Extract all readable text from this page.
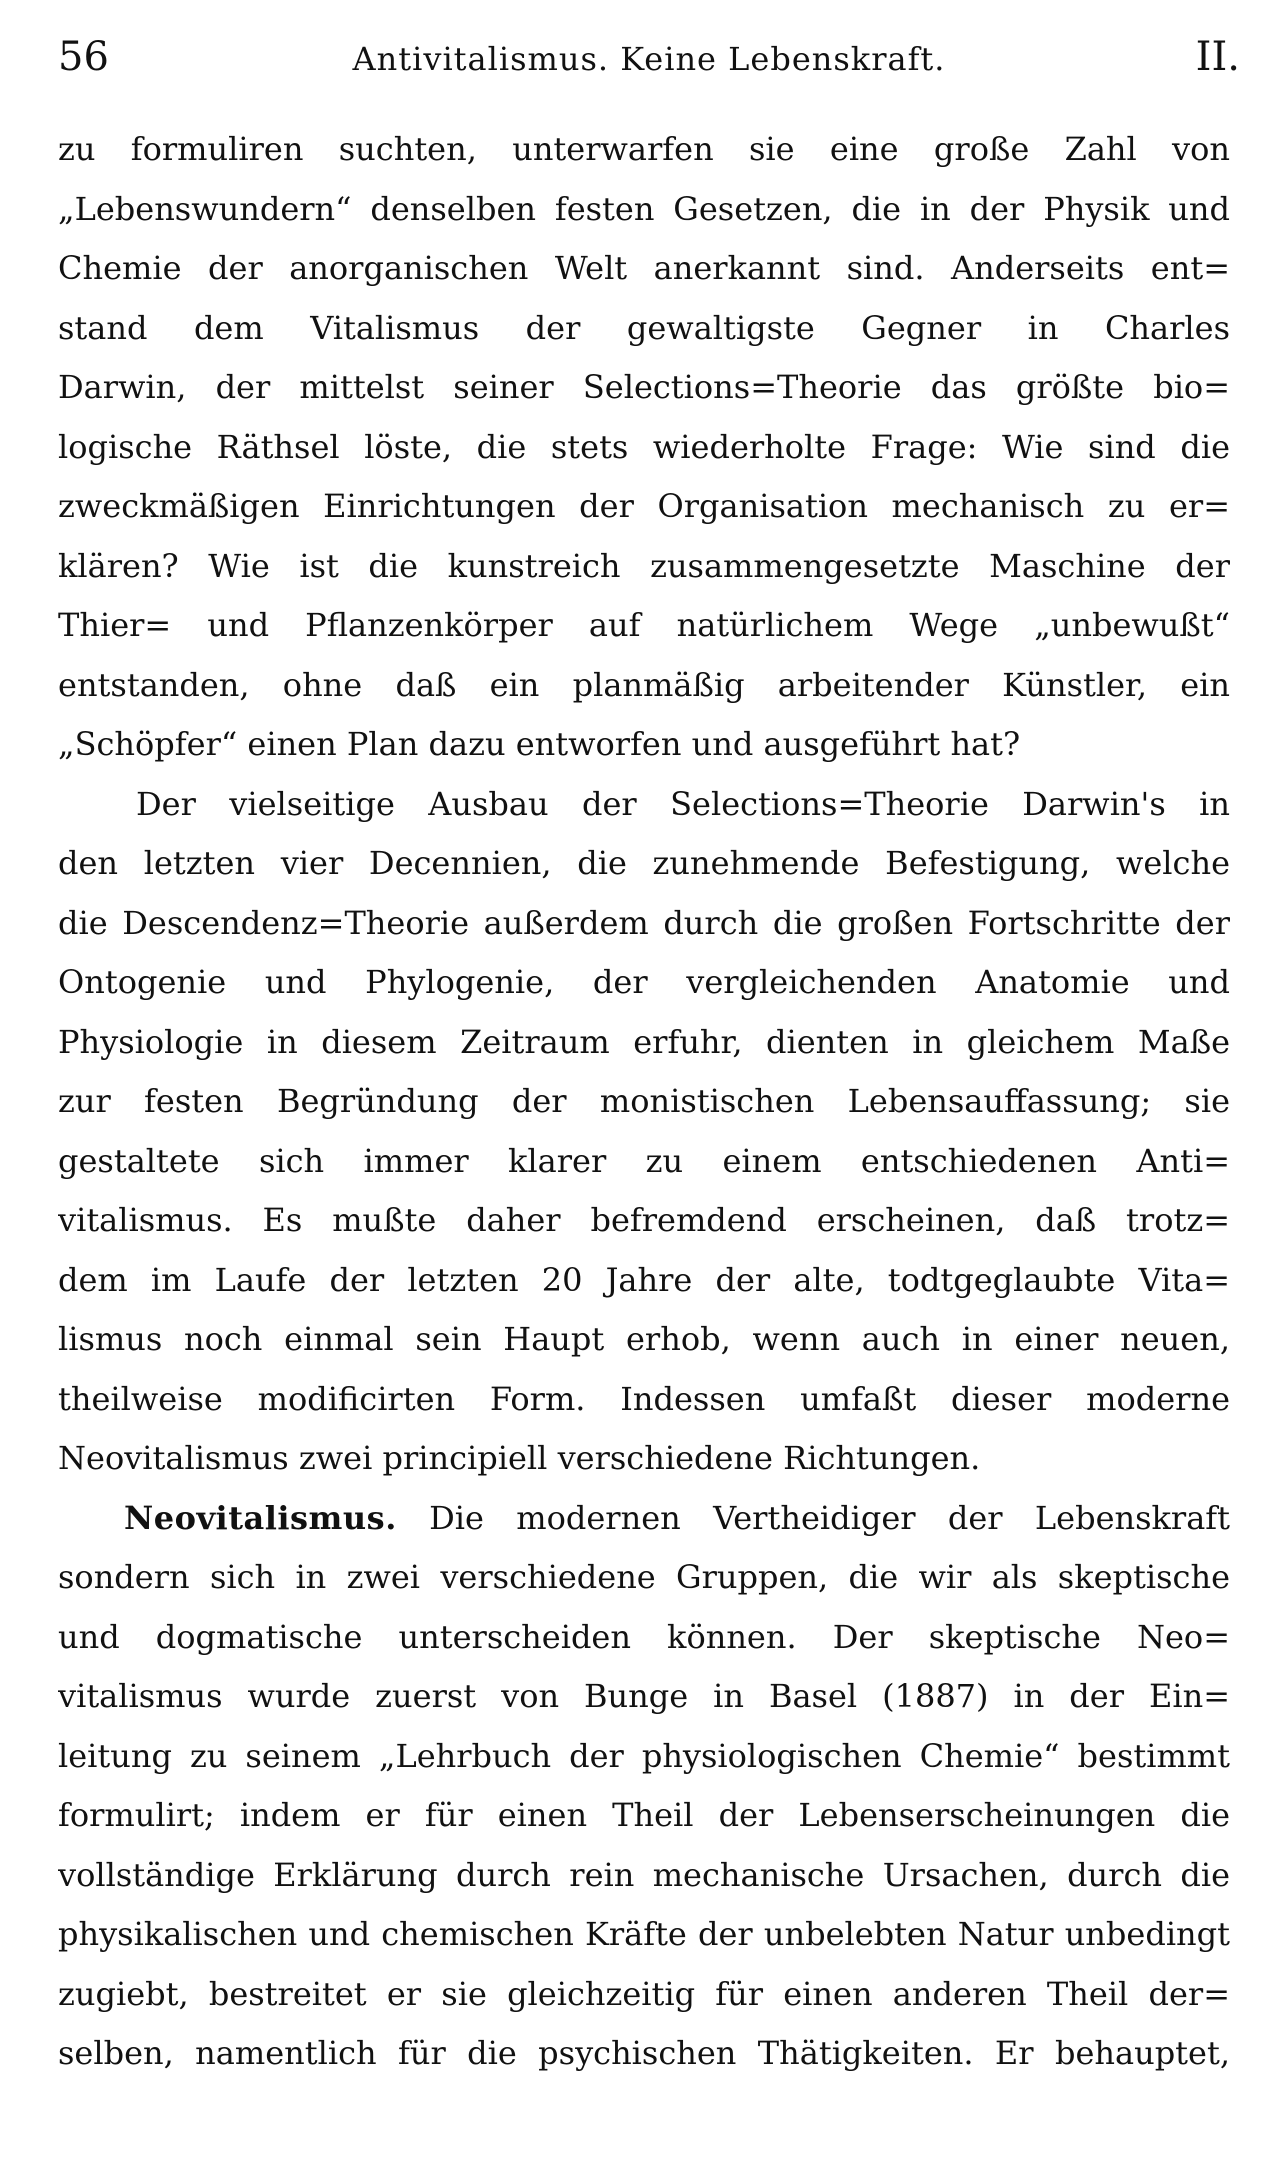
56	Antivitalismus. Keine Lebenskraft.	II.
zu formuliren suchten, unterwarfen sie eine große Zahl von
„Lebenswundern“ denselben festen Gesetzen, die in der Physik und
Chemie der anorganischen Welt anerkannt sind. Anderseits ent=
stand dem Vitalismus der gewaltigste Gegner in Charles
Darwin, der mittelst seiner Selections=Theorie das größte bio=
logische Räthsel löste, die stets wiederholte Frage: Wie sind die
zweckmäßigen Einrichtungen der Organisation mechanisch zu er=
klären? Wie ist die kunstreich zusammengesetzte Maschine der
Thier= und Pflanzenkörper auf natürlichem Wege „unbewußt“
entstanden, ohne daß ein planmäßig arbeitender Künstler, ein
„Schöpfer“ einen Plan dazu entworfen und ausgeführt hat?
Der vielseitige Ausbau der Selections=Theorie Darwin's in
den letzten vier Decennien, die zunehmende Befestigung, welche
die Descendenz=Theorie außerdem durch die großen Fortschritte der
Ontogenie und Phylogenie, der vergleichenden Anatomie und
Physiologie in diesem Zeitraum erfuhr, dienten in gleichem Maße
zur festen Begründung der monistischen Lebensauffassung; sie
gestaltete sich immer klarer zu einem entschiedenen Anti=
vitalismus. Es mußte daher befremdend erscheinen, daß trotz=
dem im Laufe der letzten 20 Jahre der alte, todtgeglaubte Vita=
lismus noch einmal sein Haupt erhob, wenn auch in einer neuen,
theilweise modificirten Form. Indessen umfaßt dieser moderne
Neovitalismus zwei principiell verschiedene Richtungen.
Neovitalismus. Die modernen Vertheidiger der Lebenskraft
sondern sich in zwei verschiedene Gruppen, die wir als skeptische
und dogmatische unterscheiden können. Der skeptische Neo=
vitalismus wurde zuerst von Bunge in Basel (1887) in der Ein=
leitung zu seinem „Lehrbuch der physiologischen Chemie“ bestimmt
formulirt; indem er für einen Theil der Lebenserscheinungen die
vollständige Erklärung durch rein mechanische Ursachen, durch die
physikalischen und chemischen Kräfte der unbelebten Natur unbedingt
zugiebt, bestreitet er sie gleichzeitig für einen anderen Theil der=
selben, namentlich für die psychischen Thätigkeiten. Er behauptet,
